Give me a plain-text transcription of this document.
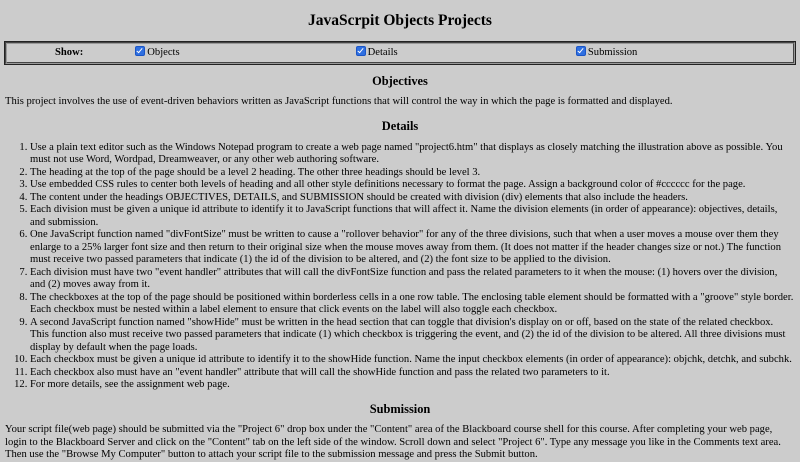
JavaScrpit Objects Projects
Show:	Objects	Details	Submission
Objectives

This project involves the use of event-driven behaviors written as JavaScript functions that will control the way in which the page is formatted and displayed.

Details
1. Use a plain text editor such as the Windows Notepad program to create a web page named "project6.htm" that displays as closely matching the illustration above as possible. You must not use Word, Wordpad, Dreamweaver, or any other web authoring software.
2. The heading at the top of the page should be a level 2 heading. The other three headings should be level 3.
3. Use embedded CSS rules to center both levels of heading and all other style definitions necessary to format the page. Assign a background color of #cccccc for the page.
4. The content under the headings OBJECTIVES, DETAILS, and SUBMISSION should be created with division (div) elements that also include the headers.
5. Each division must be given a unique id attribute to identify it to JavaScript functions that will affect it. Name the division elements (in order of appearance): objectives, details, and submission.
6. One JavaScript function named "divFontSize" must be written to cause a "rollover behavior" for any of the three divisions, such that when a user moves a mouse over them they enlarge to a 25% larger font size and then return to their original size when the mouse moves away from them. (It does not matter if the header changes size or not.) The function must receive two passed parameters that indicate (1) the id of the division to be altered, and (2) the font size to be applied to the division.
7. Each division must have two "event handler" attributes that will call the divFontSize function and pass the related parameters to it when the mouse: (1) hovers over the division, and (2) moves away from it.
8. The checkboxes at the top of the page should be positioned within borderless cells in a one row table. The enclosing table element should be formatted with a "groove" style border. Each checkbox must be nested within a label element to ensure that click events on the label will also toggle each checkbox.
9. A second JavaScript function named "showHide" must be written in the head section that can toggle that division's display on or off, based on the state of the related checkbox. This function also must receive two passed parameters that indicate (1) which checkbox is triggering the event, and (2) the id of the division to be altered. All three divisions must display by default when the page loads.
10. Each checkbox must be given a unique id attribute to identify it to the showHide function. Name the input checkbox elements (in order of appearance): objchk, detchk, and subchk.
11. Each checkbox also must have an "event handler" attribute that will call the showHide function and pass the related two parameters to it.
12. For more details, see the assignment web page.
Submission

Your script file(web page) should be submitted via the "Project 6" drop box under the "Content" area of the Blackboard course shell for this course. After completing your web page, login to the Blackboard Server and click on the "Content" tab on the left side of the window. Scroll down and select "Project 6". Type any message you like in the Comments text area. Then use the "Browse My Computer" button to attach your script file to the submission message and press the Submit button.
